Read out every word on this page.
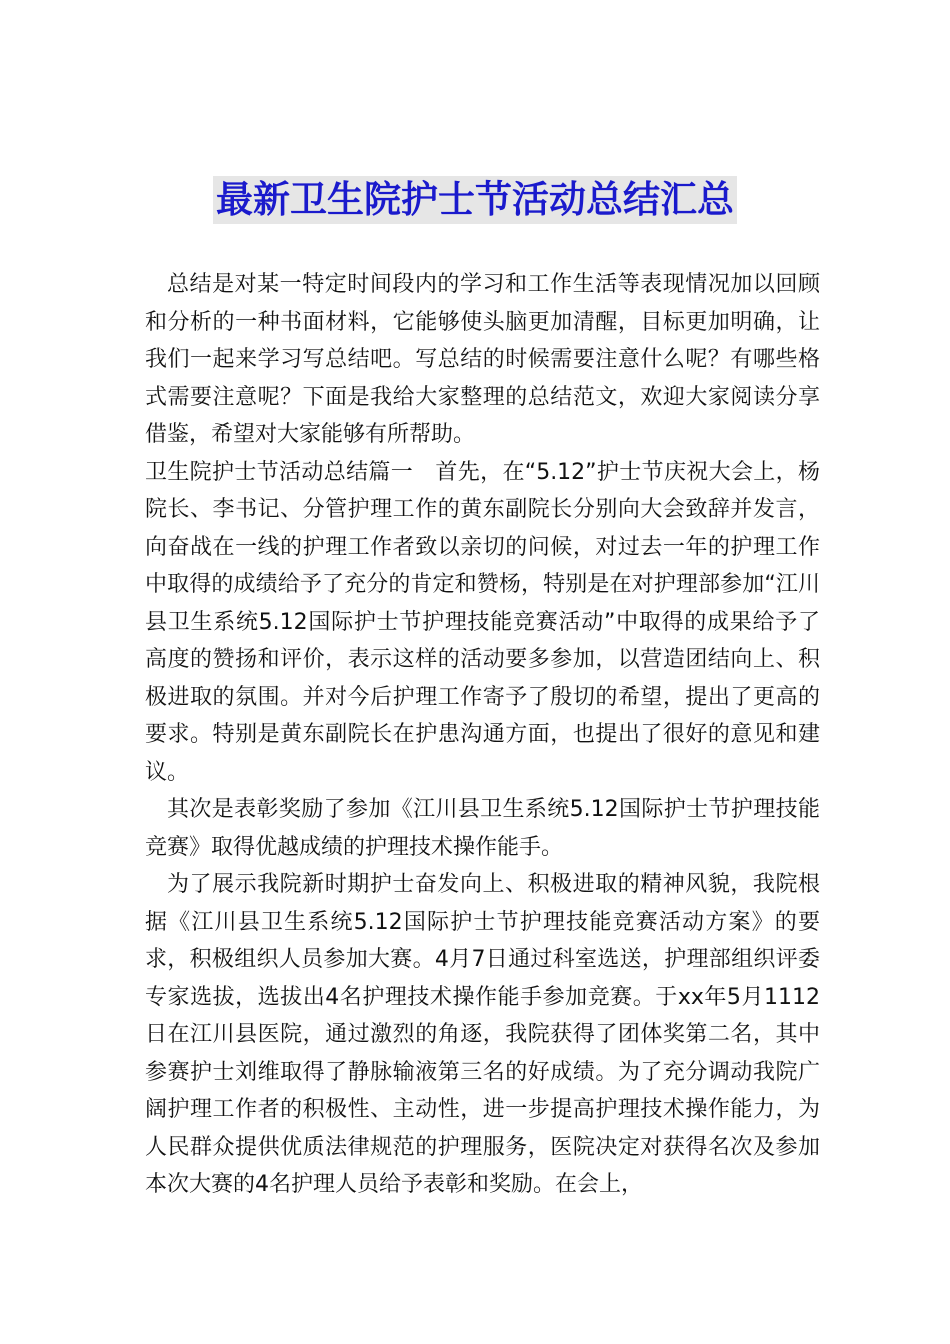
最新卫生院护士节活动总结汇总

总结是对某一特定时间段内的学习和工作生活等表现情况加以回顾和分析的一种书面材料，它能够使头脑更加清醒，目标更加明确，让我们一起来学习写总结吧。写总结的时候需要注意什么呢？有哪些格式需要注意呢？下面是我给大家整理的总结范文，欢迎大家阅读分享借鉴，希望对大家能够有所帮助。

卫生院护士节活动总结篇一　首先，在“5.12”护士节庆祝大会上，杨院长、李书记、分管护理工作的黄东副院长分别向大会致辞并发言，向奋战在一线的护理工作者致以亲切的问候，对过去一年的护理工作中取得的成绩给予了充分的肯定和赞杨，特别是在对护理部参加“江川县卫生系统5.12国际护士节护理技能竞赛活动”中取得的成果给予了高度的赞扬和评价，表示这样的活动要多参加，以营造团结向上、积极进取的氛围。并对今后护理工作寄予了殷切的希望，提出了更高的要求。特别是黄东副院长在护患沟通方面，也提出了很好的意见和建议。

其次是表彰奖励了参加《江川县卫生系统5.12国际护士节护理技能竞赛》取得优越成绩的护理技术操作能手。

为了展示我院新时期护士奋发向上、积极进取的精神风貌，我院根据《江川县卫生系统5.12国际护士节护理技能竞赛活动方案》的要求，积极组织人员参加大赛。4月7日通过科室选送，护理部组织评委专家选拔，选拔出4名护理技术操作能手参加竞赛。于xx年5月1112日在江川县医院，通过激烈的角逐，我院获得了团体奖第二名，其中参赛护士刘维取得了静脉输液第三名的好成绩。为了充分调动我院广阔护理工作者的积极性、主动性，进一步提高护理技术操作能力，为人民群众提供优质法律规范的护理服务，医院决定对获得名次及参加本次大赛的4名护理人员给予表彰和奖励。在会上，
